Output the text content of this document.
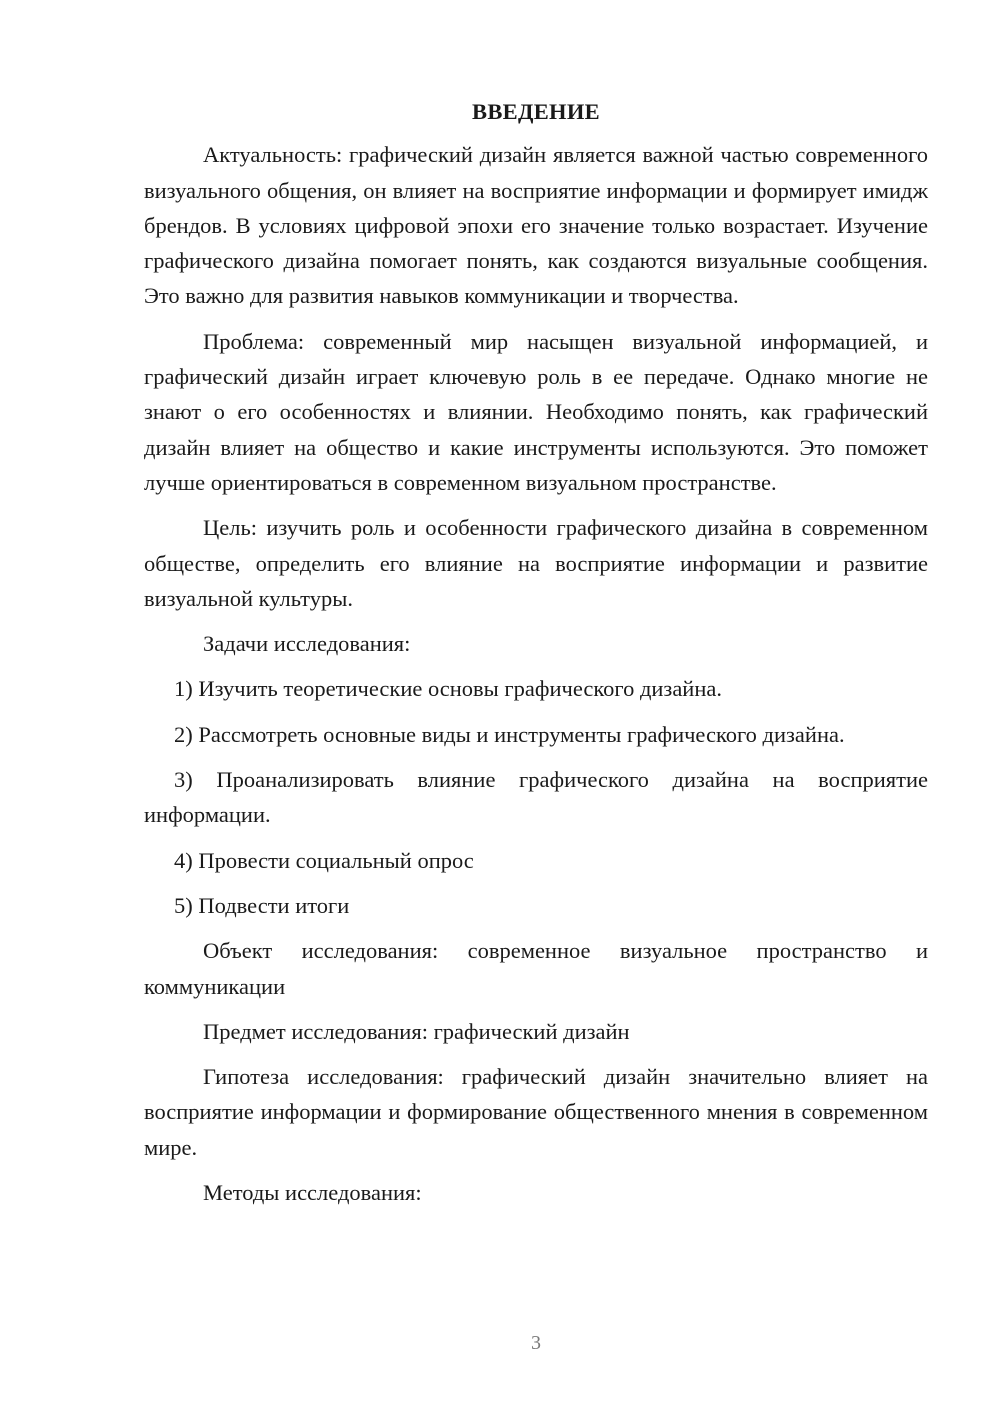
ВВЕДЕНИЕ

Актуальность: графический дизайн является важной частью современного визуального общения, он влияет на восприятие информации и формирует имидж брендов. В условиях цифровой эпохи его значение только возрастает. Изучение графического дизайна помогает понять, как создаются визуальные сообщения. Это важно для развития навыков коммуникации и творчества.

Проблема: современный мир насыщен визуальной информацией, и графический дизайн играет ключевую роль в ее передаче. Однако многие не знают о его особенностях и влиянии. Необходимо понять, как графический дизайн влияет на общество и какие инструменты используются. Это поможет лучше ориентироваться в современном визуальном пространстве.

Цель: изучить роль и особенности графического дизайна в современном обществе, определить его влияние на восприятие информации и развитие визуальной культуры.

Задачи исследования:

1) Изучить теоретические основы графического дизайна.

2) Рассмотреть основные виды и инструменты графического дизайна.

3) Проанализировать влияние графического дизайна на восприятие информации.

4) Провести социальный опрос

5) Подвести итоги

Объект исследования: современное визуальное пространство и коммуникации

Предмет исследования: графический дизайн

Гипотеза исследования: графический дизайн значительно влияет на восприятие информации и формирование общественного мнения в современном мире.

Методы исследования:

3
